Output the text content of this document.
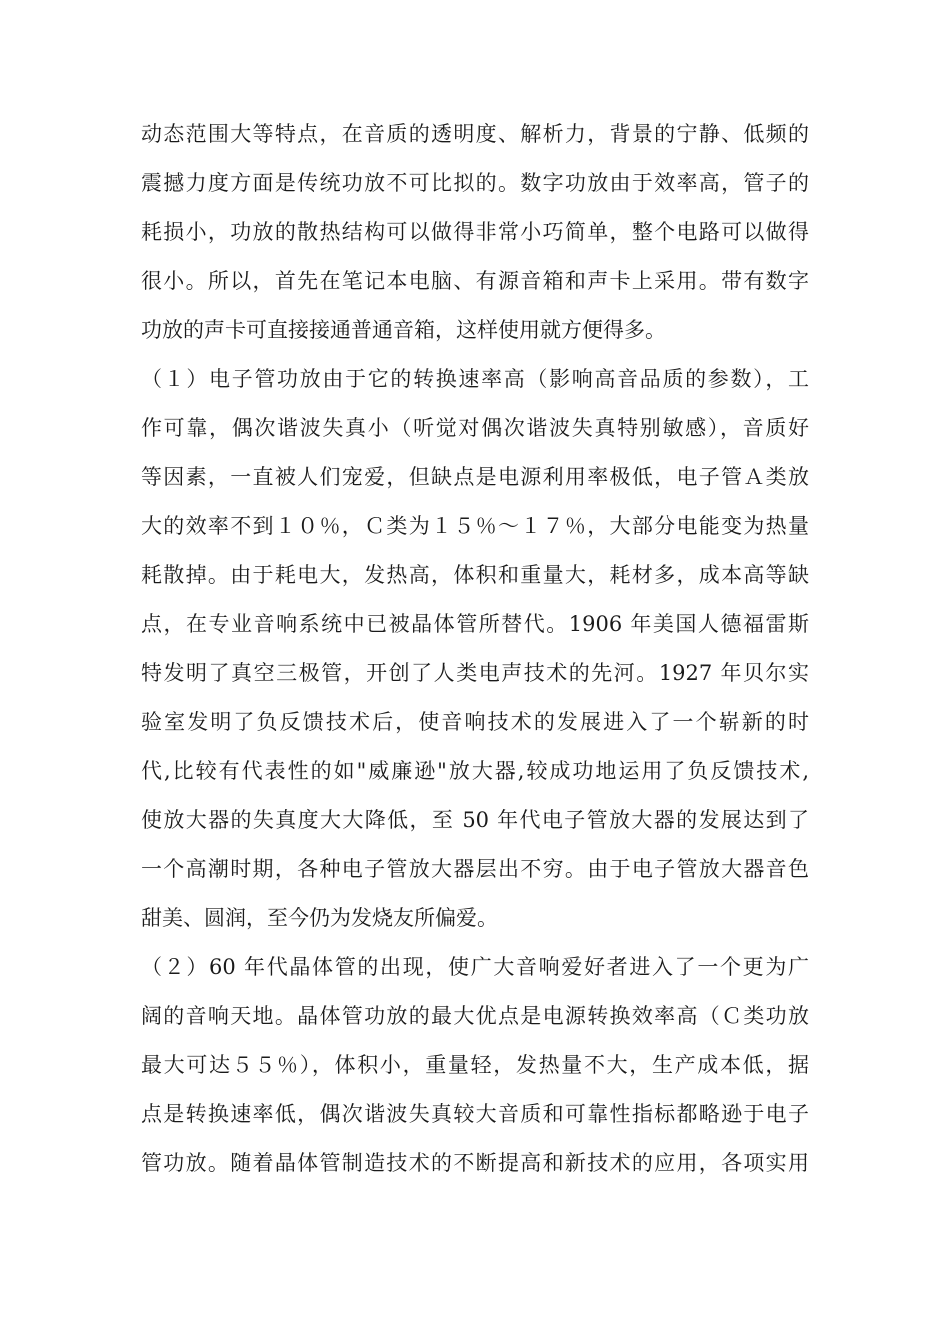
动态范围大等特点，在音质的透明度、解析力，背景的宁静、低频的
震撼力度方面是传统功放不可比拟的。数字功放由于效率高，管子的
耗损小，功放的散热结构可以做得非常小巧简单，整个电路可以做得
很小。所以，首先在笔记本电脑、有源音箱和声卡上采用。带有数字
功放的声卡可直接接通普通音箱，这样使用就方便得多。
（１）电子管功放由于它的转换速率高（影响高音品质的参数），工
作可靠，偶次谐波失真小（听觉对偶次谐波失真特别敏感），音质好
等因素，一直被人们宠爱，但缺点是电源利用率极低，电子管Ａ类放
大的效率不到１０％，Ｃ类为１５％～１７％，大部分电能变为热量
耗散掉。由于耗电大，发热高，体积和重量大，耗材多，成本高等缺
点，在专业音响系统中已被晶体管所替代。1906 年美国人德福雷斯
特发明了真空三极管，开创了人类电声技术的先河。1927 年贝尔实
验室发明了负反馈技术后，使音响技术的发展进入了一个崭新的时
代,比较有代表性的如"威廉逊"放大器,较成功地运用了负反馈技术,
使放大器的失真度大大降低，至 50 年代电子管放大器的发展达到了
一个高潮时期，各种电子管放大器层出不穷。由于电子管放大器音色
甜美、圆润，至今仍为发烧友所偏爱。
（２）60 年代晶体管的出现，使广大音响爱好者进入了一个更为广
阔的音响天地。晶体管功放的最大优点是电源转换效率高（Ｃ类功放
最大可达５５％），体积小，重量轻，发热量不大，生产成本低，据
点是转换速率低，偶次谐波失真较大音质和可靠性指标都略逊于电子
管功放。随着晶体管制造技术的不断提高和新技术的应用，各项实用
